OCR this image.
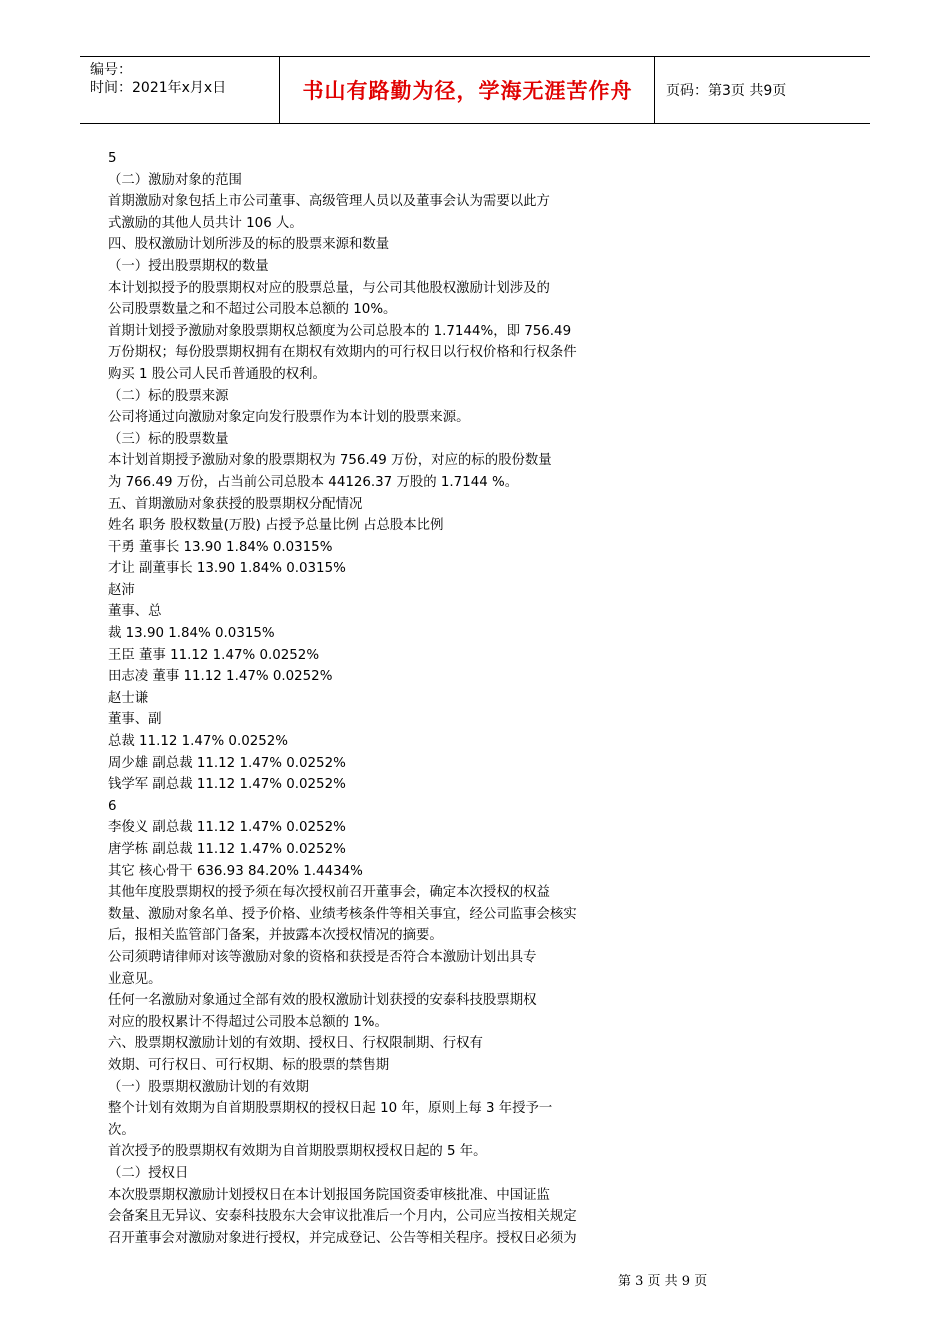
编号：
时间：2021年x月x日	书山有路勤为径，学海无涯苦作舟	页码：第3页 共9页
5
（二）激励对象的范围
首期激励对象包括上市公司董事、高级管理人员以及董事会认为需要以此方
式激励的其他人员共计 106 人。
四、股权激励计划所涉及的标的股票来源和数量
（一）授出股票期权的数量
本计划拟授予的股票期权对应的股票总量，与公司其他股权激励计划涉及的
公司股票数量之和不超过公司股本总额的 10%。
首期计划授予激励对象股票期权总额度为公司总股本的 1.7144%，即 756.49
万份期权；每份股票期权拥有在期权有效期内的可行权日以行权价格和行权条件
购买 1 股公司人民币普通股的权利。
（二）标的股票来源
公司将通过向激励对象定向发行股票作为本计划的股票来源。
（三）标的股票数量
本计划首期授予激励对象的股票期权为 756.49 万份，对应的标的股份数量
为 766.49 万份，占当前公司总股本 44126.37 万股的 1.7144 %。
五、首期激励对象获授的股票期权分配情况
姓名 职务 股权数量(万股) 占授予总量比例 占总股本比例
干勇 董事长 13.90 1.84% 0.0315%
才让 副董事长 13.90 1.84% 0.0315%
赵沛
董事、总
裁 13.90 1.84% 0.0315%
王臣 董事 11.12 1.47% 0.0252%
田志凌 董事 11.12 1.47% 0.0252%
赵士谦
董事、副
总裁 11.12 1.47% 0.0252%
周少雄 副总裁 11.12 1.47% 0.0252%
钱学军 副总裁 11.12 1.47% 0.0252%
6
李俊义 副总裁 11.12 1.47% 0.0252%
唐学栋 副总裁 11.12 1.47% 0.0252%
其它 核心骨干 636.93 84.20% 1.4434%
其他年度股票期权的授予须在每次授权前召开董事会，确定本次授权的权益
数量、激励对象名单、授予价格、业绩考核条件等相关事宜，经公司监事会核实
后，报相关监管部门备案，并披露本次授权情况的摘要。
公司须聘请律师对该等激励对象的资格和获授是否符合本激励计划出具专
业意见。
任何一名激励对象通过全部有效的股权激励计划获授的安泰科技股票期权
对应的股权累计不得超过公司股本总额的 1%。
六、股票期权激励计划的有效期、授权日、行权限制期、行权有
效期、可行权日、可行权期、标的股票的禁售期
（一）股票期权激励计划的有效期
整个计划有效期为自首期股票期权的授权日起 10 年，原则上每 3 年授予一
次。
首次授予的股票期权有效期为自首期股票期权授权日起的 5 年。
（二）授权日
本次股票期权激励计划授权日在本计划报国务院国资委审核批准、中国证监
会备案且无异议、安泰科技股东大会审议批准后一个月内，公司应当按相关规定
召开董事会对激励对象进行授权，并完成登记、公告等相关程序。授权日必须为
第 3 页 共 9 页
